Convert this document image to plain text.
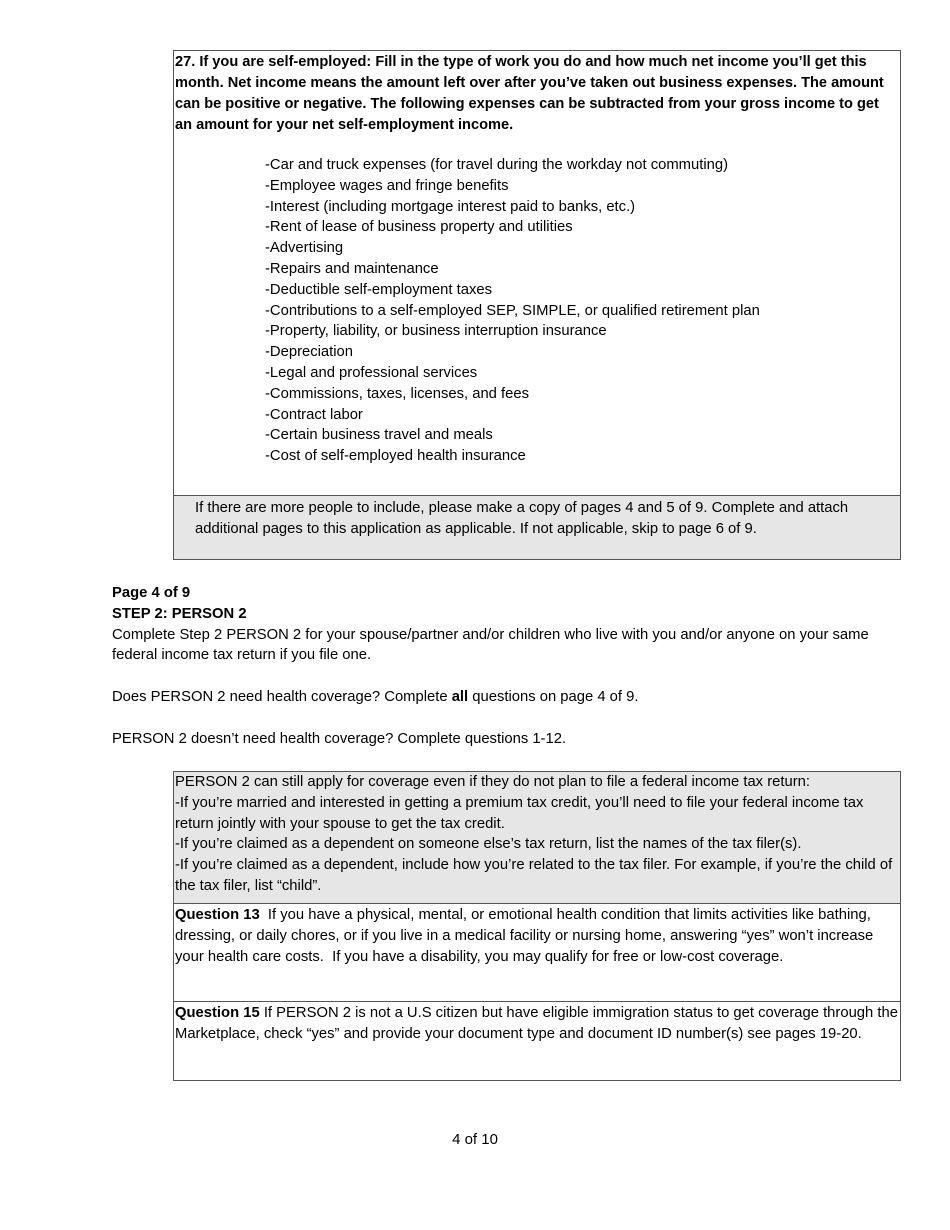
27. If you are self-employed: Fill in the type of work you do and how much net income you’ll get this month. Net income means the amount left over after you’ve taken out business expenses. The amount can be positive or negative. The following expenses can be subtracted from your gross income to get an amount for your net self-employment income.
-Car and truck expenses (for travel during the workday not commuting)
-Employee wages and fringe benefits
-Interest (including mortgage interest paid to banks, etc.)
-Rent of lease of business property and utilities
-Advertising
-Repairs and maintenance
-Deductible self-employment taxes
-Contributions to a self-employed SEP, SIMPLE, or qualified retirement plan
-Property, liability, or business interruption insurance
-Depreciation
-Legal and professional services
-Commissions, taxes, licenses, and fees
-Contract labor
-Certain business travel and meals
-Cost of self-employed health insurance
If there are more people to include, please make a copy of pages 4 and 5 of 9. Complete and attach additional pages to this application as applicable. If not applicable, skip to page 6 of 9.
Page 4 of 9
STEP 2: PERSON 2

Complete Step 2 PERSON 2 for your spouse/partner and/or children who live with you and/or anyone on your same federal income tax return if you file one.

Does PERSON 2 need health coverage? Complete all questions on page 4 of 9.

PERSON 2 doesn’t need health coverage? Complete questions 1-12.

PERSON 2 can still apply for coverage even if they do not plan to file a federal income tax return:
-If you’re married and interested in getting a premium tax credit, you’ll need to file your federal income tax return jointly with your spouse to get the tax credit.
-If you’re claimed as a dependent on someone else’s tax return, list the names of the tax filer(s).
-If you’re claimed as a dependent, include how you’re related to the tax filer. For example, if you’re the child of the tax filer, list “child”.
Question 13  If you have a physical, mental, or emotional health condition that limits activities like bathing, dressing, or daily chores, or if you live in a medical facility or nursing home, answering “yes” won’t increase your health care costs.  If you have a disability, you may qualify for free or low-cost coverage.
Question 15 If PERSON 2 is not a U.S citizen but have eligible immigration status to get coverage through the Marketplace, check “yes” and provide your document type and document ID number(s) see pages 19-20.
4 of 10
